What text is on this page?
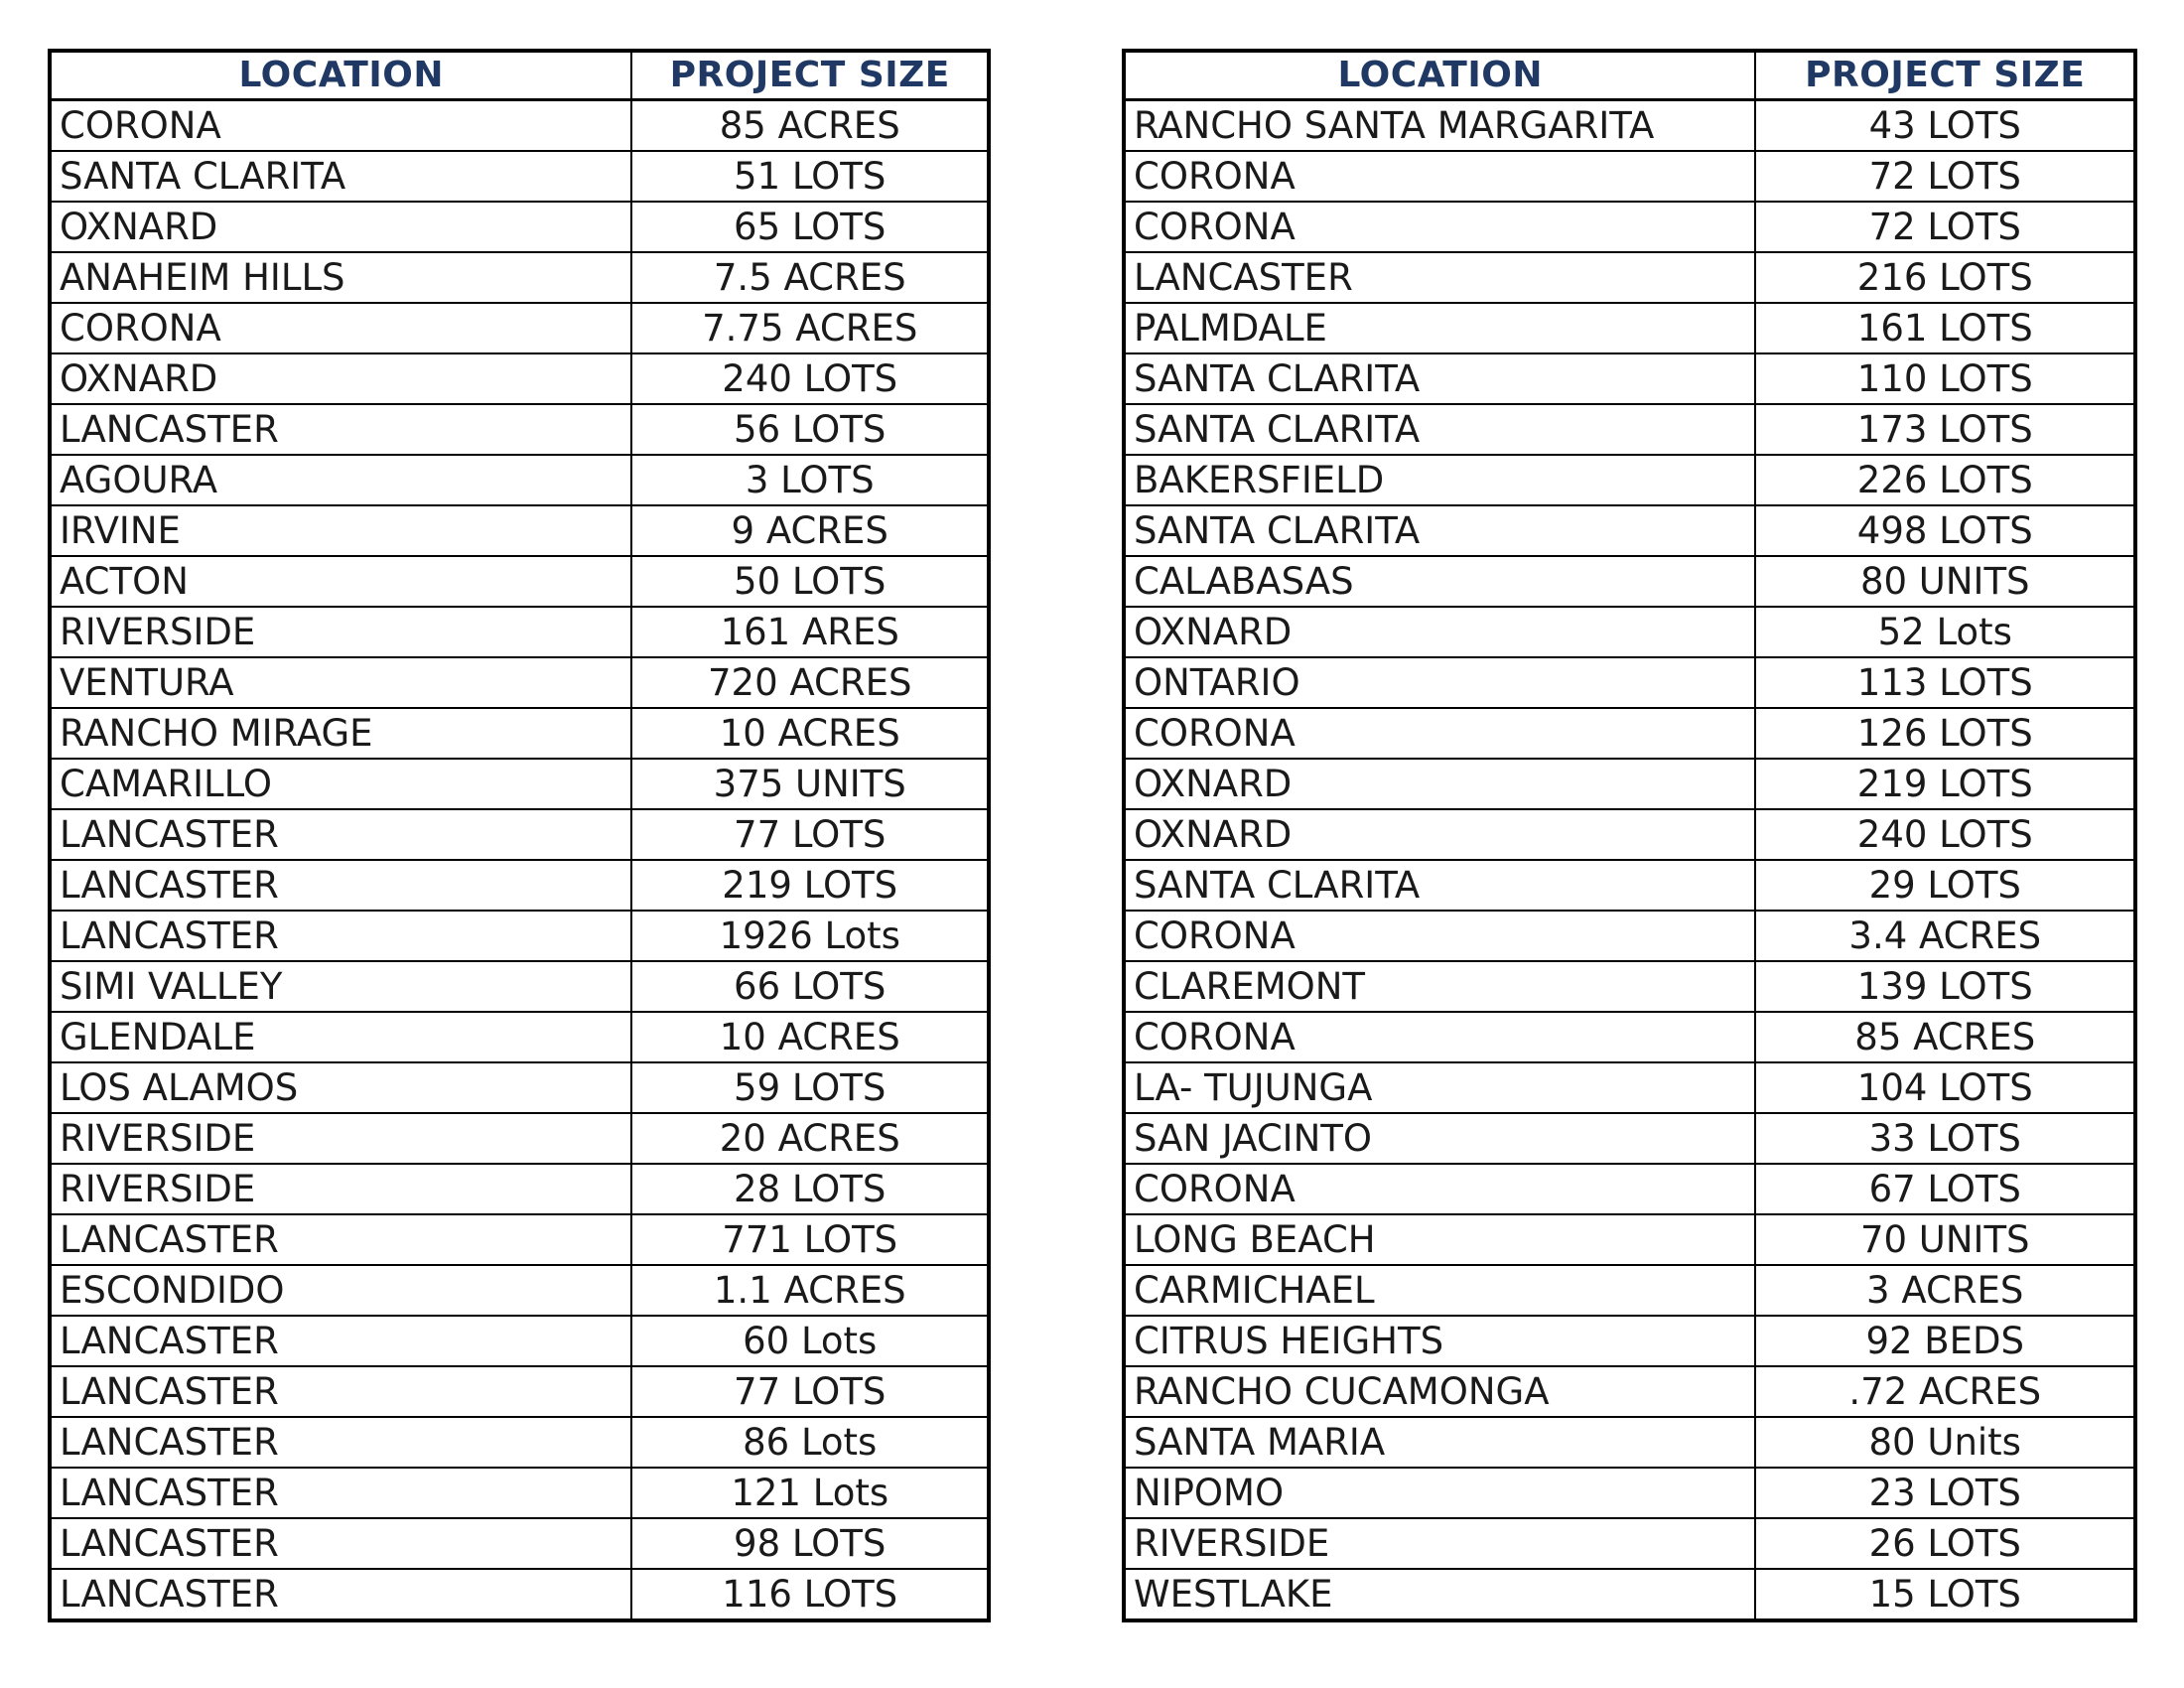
LOCATION	PROJECT SIZE
CORONA	85 ACRES
SANTA CLARITA	51 LOTS
OXNARD	65 LOTS
ANAHEIM HILLS	7.5 ACRES
CORONA	7.75 ACRES
OXNARD	240 LOTS
LANCASTER	56 LOTS
AGOURA	3 LOTS
IRVINE	9 ACRES
ACTON	50 LOTS
RIVERSIDE	161 ARES
VENTURA	720 ACRES
RANCHO MIRAGE	10 ACRES
CAMARILLO	375 UNITS
LANCASTER	77 LOTS
LANCASTER	219 LOTS
LANCASTER	1926 Lots
SIMI VALLEY	66 LOTS
GLENDALE	10 ACRES
LOS ALAMOS	59 LOTS
RIVERSIDE	20 ACRES
RIVERSIDE	28 LOTS
LANCASTER	771 LOTS
ESCONDIDO	1.1 ACRES
LANCASTER	60 Lots
LANCASTER	77 LOTS
LANCASTER	86 Lots
LANCASTER	121 Lots
LANCASTER	98 LOTS
LANCASTER	116 LOTS
LOCATION	PROJECT SIZE
RANCHO SANTA MARGARITA	43 LOTS
CORONA	72 LOTS
CORONA	72 LOTS
LANCASTER	216 LOTS
PALMDALE	161 LOTS
SANTA CLARITA	110 LOTS
SANTA CLARITA	173 LOTS
BAKERSFIELD	226 LOTS
SANTA CLARITA	498 LOTS
CALABASAS	80 UNITS
OXNARD	52 Lots
ONTARIO	113 LOTS
CORONA	126 LOTS
OXNARD	219 LOTS
OXNARD	240 LOTS
SANTA CLARITA	29 LOTS
CORONA	3.4 ACRES
CLAREMONT	139 LOTS
CORONA	85 ACRES
LA- TUJUNGA	104 LOTS
SAN JACINTO	33 LOTS
CORONA	67 LOTS
LONG BEACH	70 UNITS
CARMICHAEL	3 ACRES
CITRUS HEIGHTS	92 BEDS
RANCHO CUCAMONGA	.72 ACRES
SANTA MARIA	80 Units
NIPOMO	23 LOTS
RIVERSIDE	26 LOTS
WESTLAKE	15 LOTS
